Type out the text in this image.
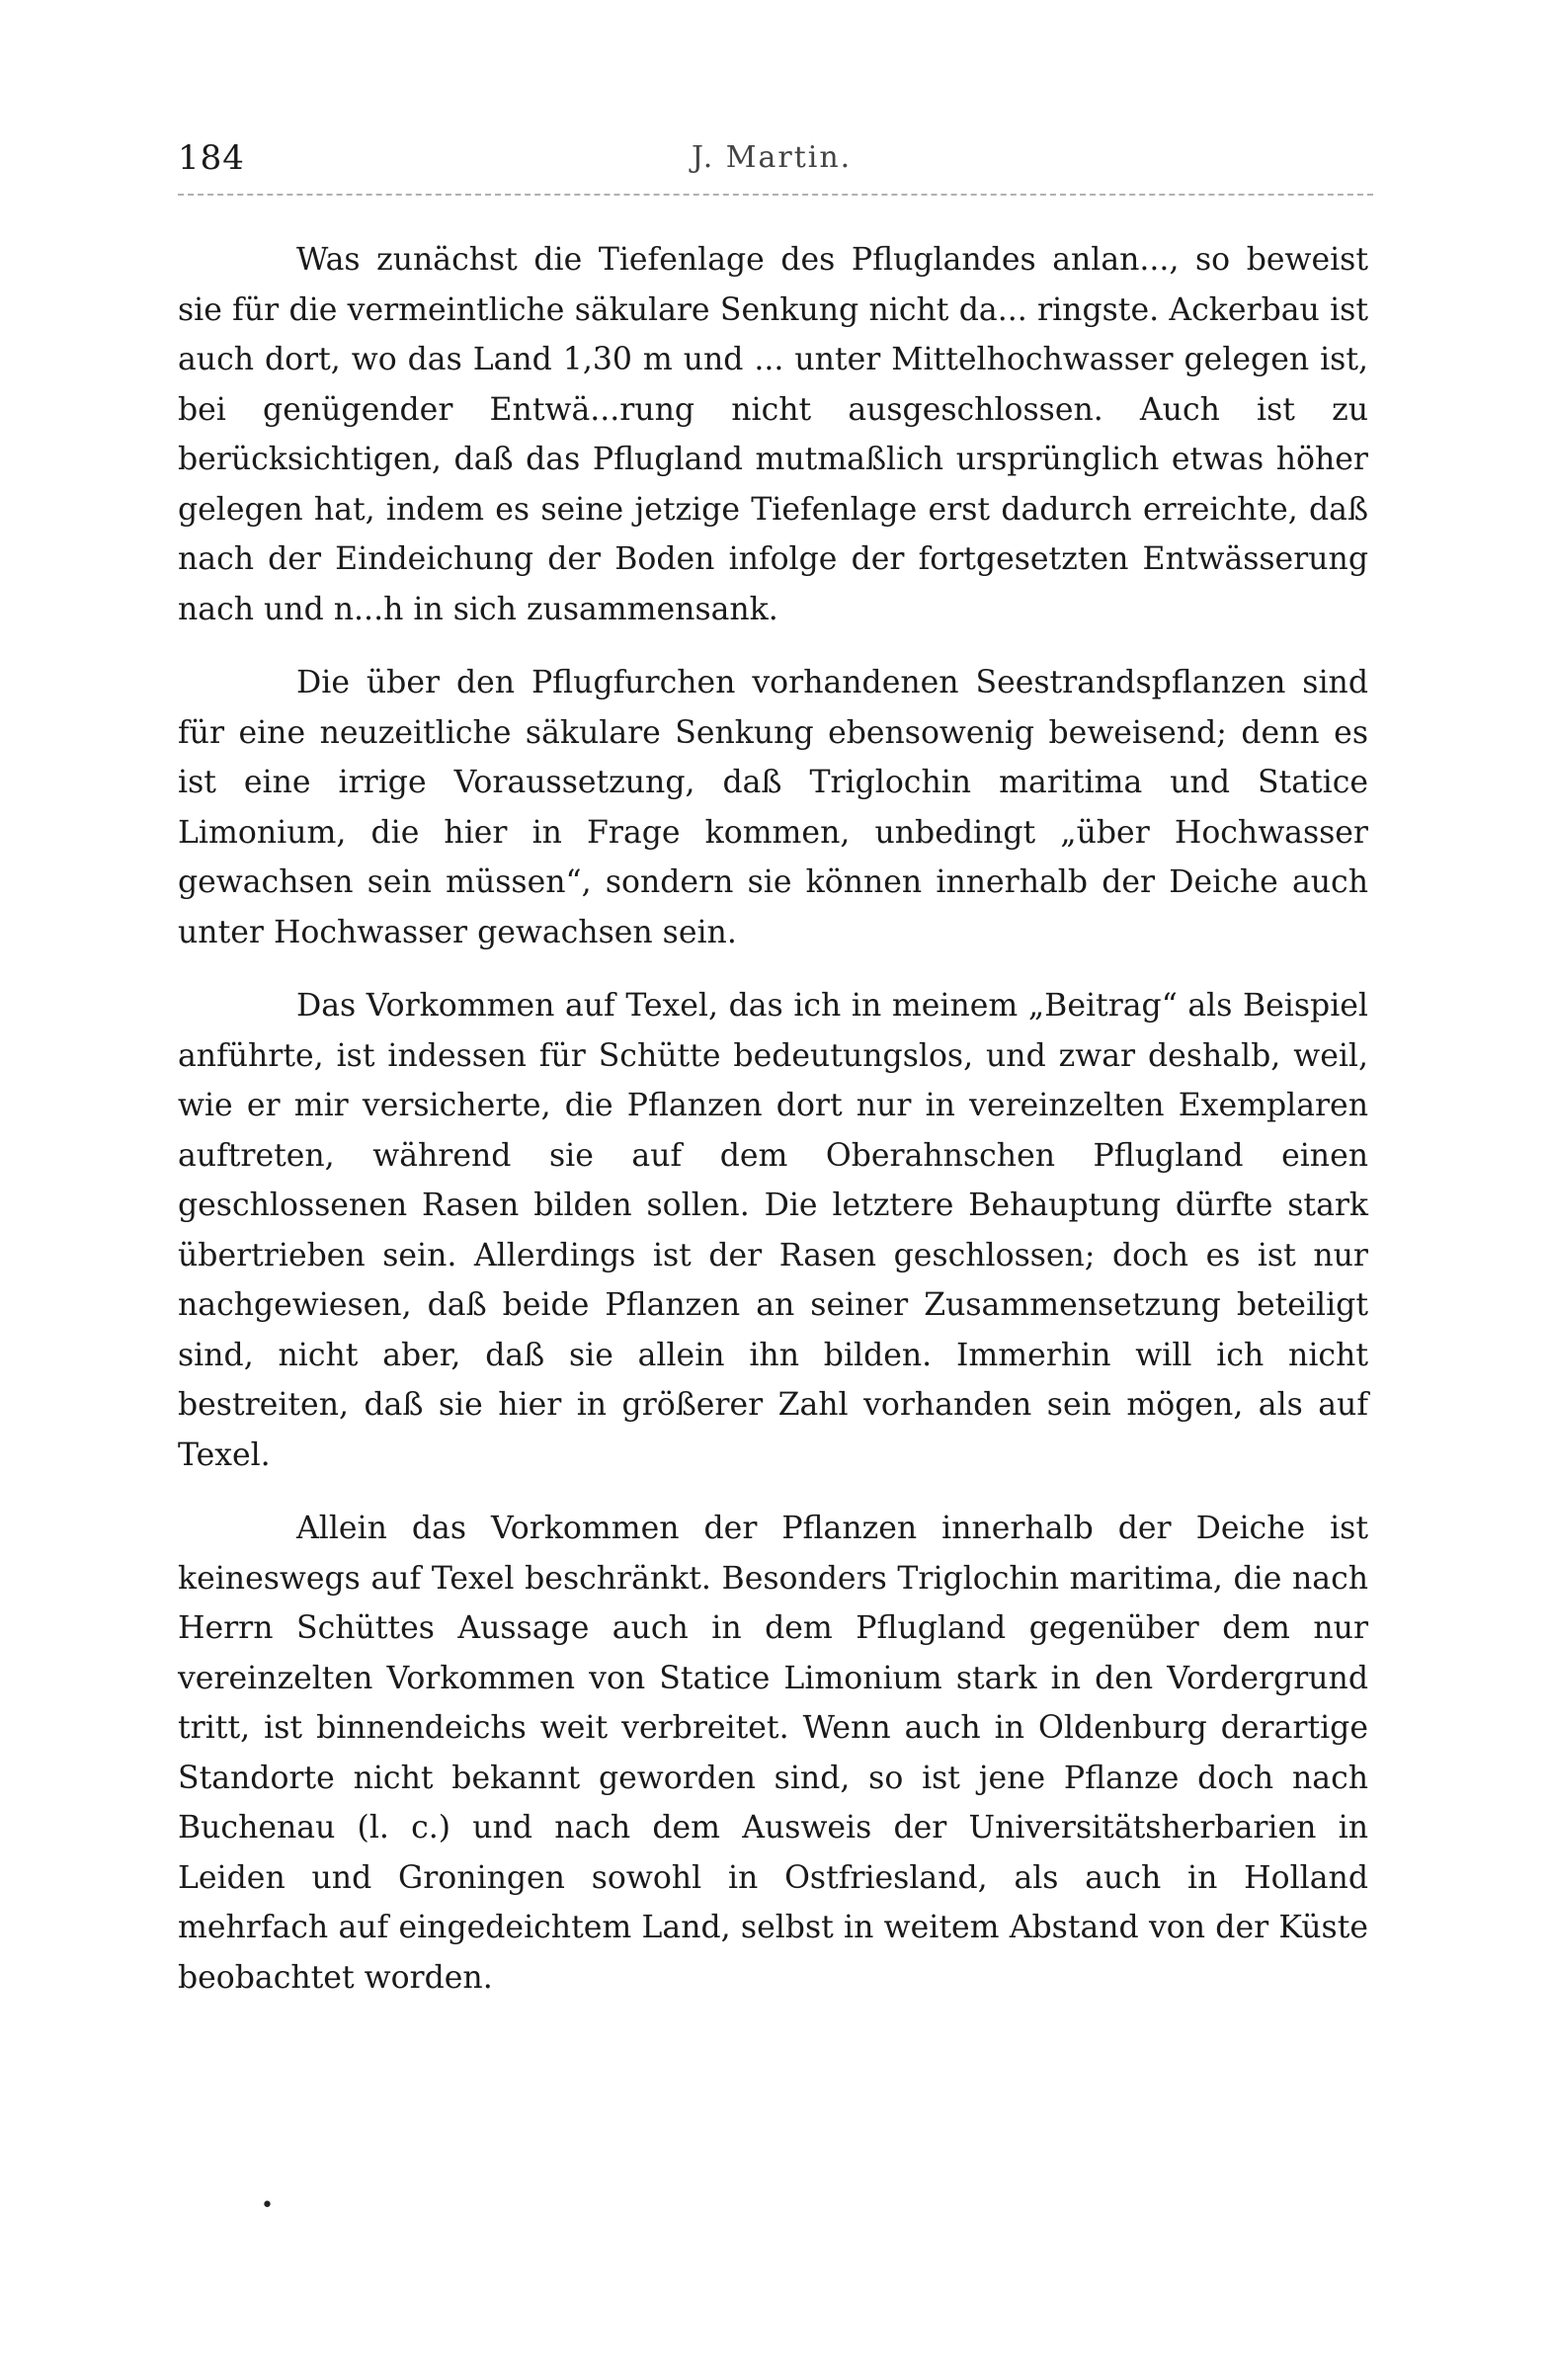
184	J. Martin.

Was zunächst die Tiefenlage des Pfluglandes anlan..., so beweist sie für die vermeintliche säkulare Senkung nicht da... ringste. Ackerbau ist auch dort, wo das Land 1,30 m und ... unter Mittelhochwasser gelegen ist, bei genügender Entwä...rung nicht ausgeschlossen. Auch ist zu berücksichtigen, daß das Pflugland mutmaßlich ursprünglich etwas höher gelegen hat, indem es seine jetzige Tiefenlage erst dadurch erreichte, daß nach der Eindeichung der Boden infolge der fortgesetzten Entwässerung nach und n...h in sich zusammensank.

Die über den Pflugfurchen vorhandenen Seestrandspflanzen sind für eine neuzeitliche säkulare Senkung ebensowenig beweisend; denn es ist eine irrige Voraussetzung, daß Triglochin maritima und Statice Limonium, die hier in Frage kommen, unbedingt „über Hochwasser gewachsen sein müssen“, sondern sie können innerhalb der Deiche auch unter Hochwasser gewachsen sein.

Das Vorkommen auf Texel, das ich in meinem „Beitrag“ als Beispiel anführte, ist indessen für Schütte bedeutungslos, und zwar deshalb, weil, wie er mir versicherte, die Pflanzen dort nur in vereinzelten Exemplaren auftreten, während sie auf dem Oberahnschen Pflugland einen geschlossenen Rasen bilden sollen. Die letztere Behauptung dürfte stark übertrieben sein. Allerdings ist der Rasen geschlossen; doch es ist nur nachgewiesen, daß beide Pflanzen an seiner Zusammensetzung beteiligt sind, nicht aber, daß sie allein ihn bilden. Immerhin will ich nicht bestreiten, daß sie hier in größerer Zahl vorhanden sein mögen, als auf Texel.

Allein das Vorkommen der Pflanzen innerhalb der Deiche ist keineswegs auf Texel beschränkt. Besonders Triglochin maritima, die nach Herrn Schüttes Aussage auch in dem Pflugland gegenüber dem nur vereinzelten Vorkommen von Statice Limonium stark in den Vordergrund tritt, ist binnendeichs weit verbreitet. Wenn auch in Oldenburg derartige Standorte nicht bekannt geworden sind, so ist jene Pflanze doch nach Buchenau (l. c.) und nach dem Ausweis der Universitätsherbarien in Leiden und Groningen sowohl in Ostfriesland, als auch in Holland mehrfach auf eingedeichtem Land, selbst in weitem Abstand von der Küste beobachtet worden.

•
